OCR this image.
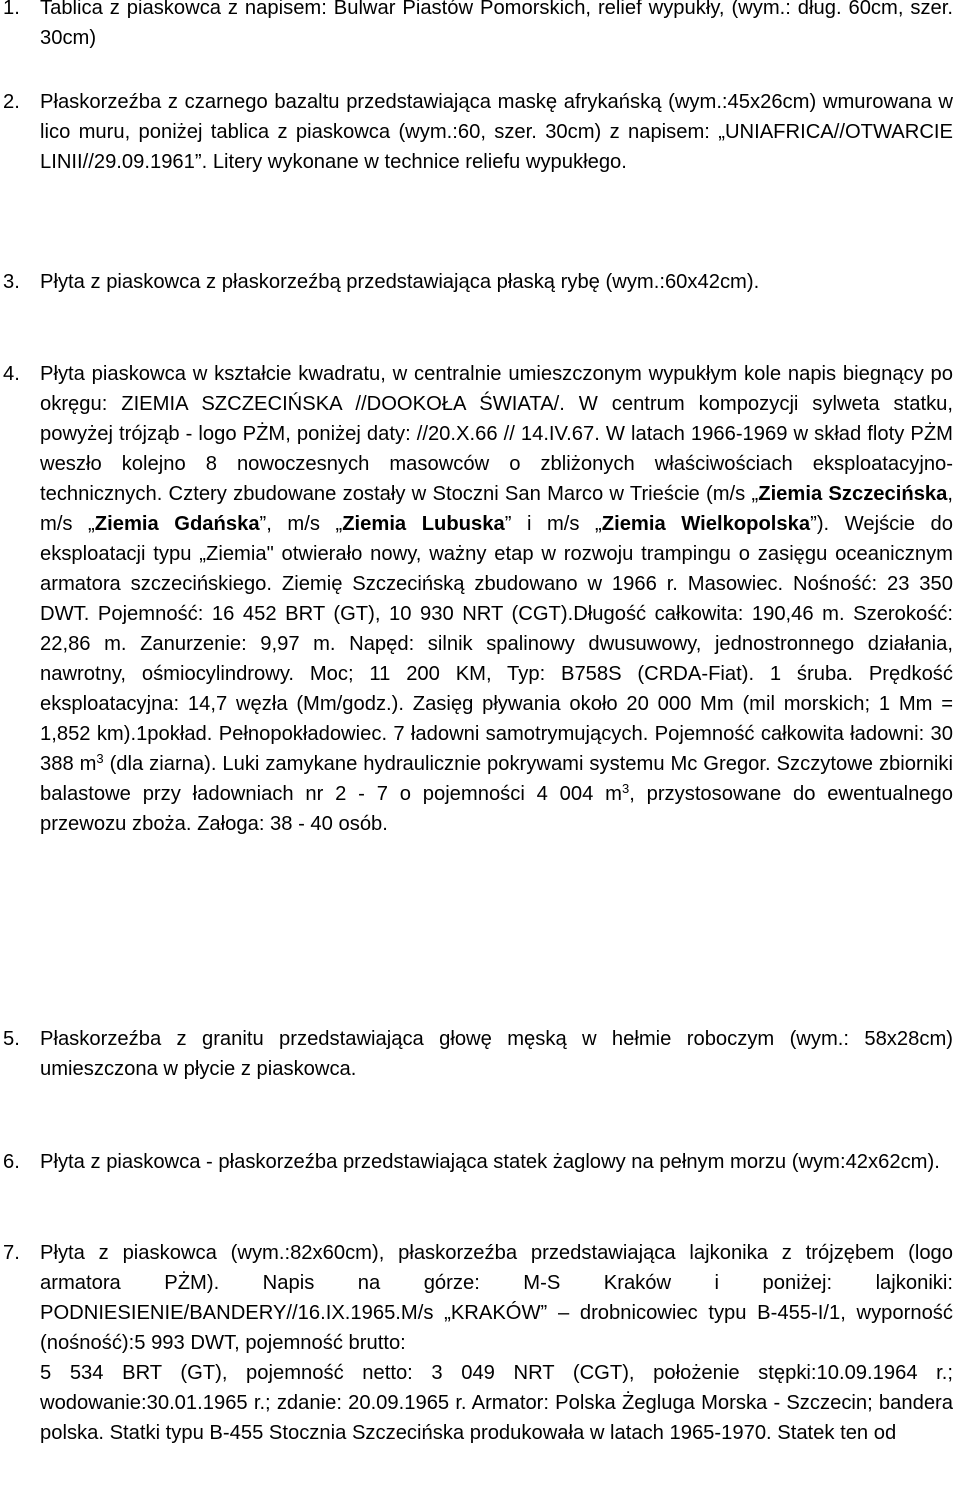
1. Tablica z piaskowca z napisem: Bulwar Piastów Pomorskich, relief wypukły, (wym.: dług. 60cm, szer. 30cm)
2. Płaskorzeźba z czarnego bazaltu przedstawiająca maskę afrykańską (wym.:45x26cm) wmurowana w lico muru, poniżej tablica z piaskowca (wym.:60, szer. 30cm) z napisem: „UNIAFRICA//OTWARCIE LINII//29.09.1961”. Litery wykonane w technice reliefu wypukłego.
3. Płyta z piaskowca z płaskorzeźbą przedstawiająca płaską rybę (wym.:60x42cm).
4. Płyta piaskowca w kształcie kwadratu, w centralnie umieszczonym wypukłym kole napis biegnący po okręgu: ZIEMIA SZCZECIŃSKA //DOOKOŁA ŚWIATA/. W centrum kompozycji sylweta statku, powyżej trójząb - logo PŻM, poniżej daty: //20.X.66 // 14.IV.67. W latach 1966-1969 w skład floty PŻM weszło kolejno 8 nowoczesnych masowców o zbliżonych właściwościach eksploatacyjno-technicznych. Cztery zbudowane zostały w Stoczni San Marco w Trieście (m/s „Ziemia Szczecińska, m/s „Ziemia Gdańska”, m/s „Ziemia Lubuska” i m/s „Ziemia Wielkopolska”). Wejście do eksploatacji typu „Ziemia" otwierało nowy, ważny etap w rozwoju trampingu o zasięgu oceanicznym armatora szczecińskiego. Ziemię Szczecińską zbudowano w 1966 r. Masowiec. Nośność: 23 350 DWT. Pojemność: 16 452 BRT (GT), 10 930 NRT (CGT).Długość całkowita: 190,46 m. Szerokość: 22,86 m. Zanurzenie: 9,97 m. Napęd: silnik spalinowy dwusuwowy, jednostronnego działania, nawrotny, ośmiocylindrowy. Moc; 11 200 KM, Typ: B758S (CRDA-Fiat). 1 śruba. Prędkość eksploatacyjna: 14,7 węzła (Mm/godz.). Zasięg pływania około 20 000 Mm (mil morskich; 1 Mm = 1,852 km).1pokład. Pełnopokładowiec. 7 ładowni samotrymujących. Pojemność całkowita ładowni: 30 388 $m^3$ (dla ziarna). Luki zamykane hydraulicznie pokrywami systemu Mc Gregor. Szczytowe zbiorniki balastowe przy ładowniach nr 2 - 7 o pojemności 4 004 $m^3$, przystosowane do ewentualnego przewozu zboża. Załoga: 38 - 40 osób.
5. Płaskorzeźba z granitu przedstawiająca głowę męską w hełmie roboczym (wym.: 58x28cm) umieszczona w płycie z piaskowca.
6. Płyta z piaskowca - płaskorzeźba przedstawiająca statek żaglowy na pełnym morzu (wym:42x62cm).
7. Płyta z piaskowca (wym.:82x60cm), płaskorzeźba przedstawiająca lajkonika z trójzębem (logo armatora PŻM). Napis na górze: M-S Kraków i poniżej: lajkoniki: PODNIESIENIE/BANDERY//16.IX.1965.M/s „KRAKÓW” – drobnicowiec typu B-455-I/1, wyporność (nośność):5 993 DWT, pojemność brutto:
5 534 BRT (GT), pojemność netto: 3 049 NRT (CGT), położenie stępki:10.09.1964 r.; wodowanie:30.01.1965 r.; zdanie: 20.09.1965 r. Armator: Polska Żegluga Morska - Szczecin; bandera polska. Statki typu B-455 Stocznia Szczecińska produkowała w latach 1965-1970. Statek ten od
